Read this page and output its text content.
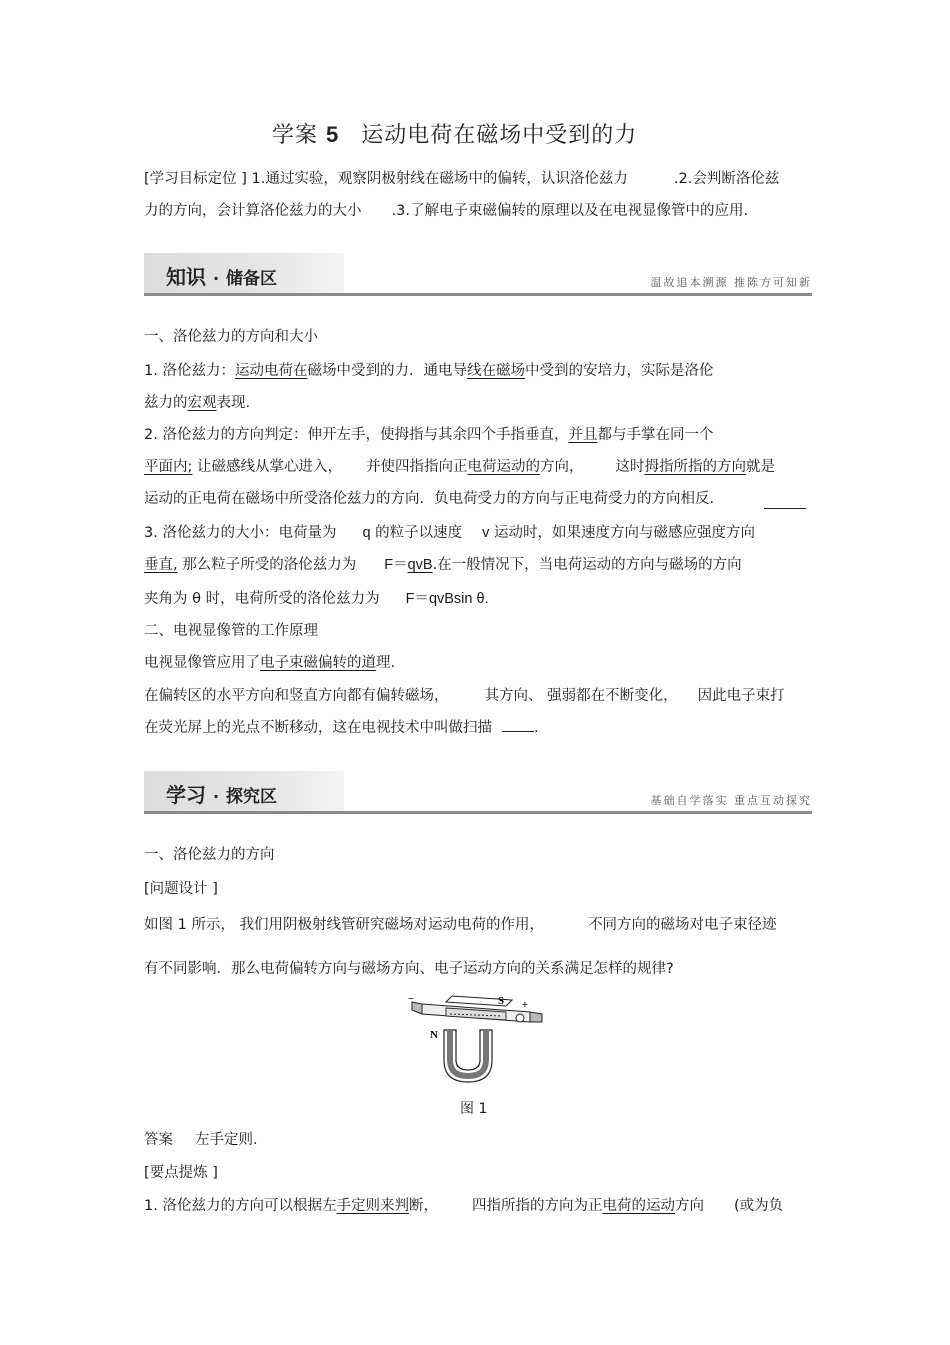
学案 5 运动电荷在磁场中受到的力
[学习目标定位 ] 1.通过实验，观察阴极射线在磁场中的偏转，认识洛伦兹力	.2.会判断洛伦兹
力的方向，会计算洛伦兹力的大小 .3.了解电子束磁偏转的原理以及在电视显像管中的应用.
知识 · 储备区	温故追本溯源 推陈方可知新
一、洛伦兹力的方向和大小
1. 洛伦兹力：运动电荷在磁场中受到的力．通电导线在磁场中受到的安培力，实际是洛伦
兹力的宏观表现.
2. 洛伦兹力的方向判定：伸开左手，使拇指与其余四个手指垂直，并且都与手掌在同一个
平面内; 让磁感线从掌心进入， 并使四指指向正电荷运动的方向， 这时拇指所指的方向就是
运动的正电荷在磁场中所受洛伦兹力的方向．负电荷受力的方向与正电荷受力的方向相反.
3. 洛伦兹力的大小：电荷量为 q 的粒子以速度 v 运动时，如果速度方向与磁感应强度方向
垂直, 那么粒子所受的洛伦兹力为 F＝qvB.在一般情况下，当电荷运动的方向与磁场的方向
夹角为 θ 时，电荷所受的洛伦兹力为 F＝qvBsin θ.
二、电视显像管的工作原理
电视显像管应用了电子束磁偏转的道理.
在偏转区的水平方向和竖直方向都有偏转磁场， 其方向、 强弱都在不断变化， 因此电子束打
在荧光屏上的光点不断移动，这在电视技术中叫做扫描	.
学习 · 探究区	基础自学落实 重点互动探究
一、洛伦兹力的方向
[问题设计 ]
如图 1 所示， 我们用阴极射线管研究磁场对运动电荷的作用，	不同方向的磁场对电子束径迹
有不同影响．那么电荷偏转方向与磁场方向、电子运动方向的关系满足怎样的规律?
S
N
+
−
图 1
答案 左手定则.
[要点提炼 ]
1. 洛伦兹力的方向可以根据左手定则来判断， 四指所指的方向为正电荷的运动方向 (或为负
